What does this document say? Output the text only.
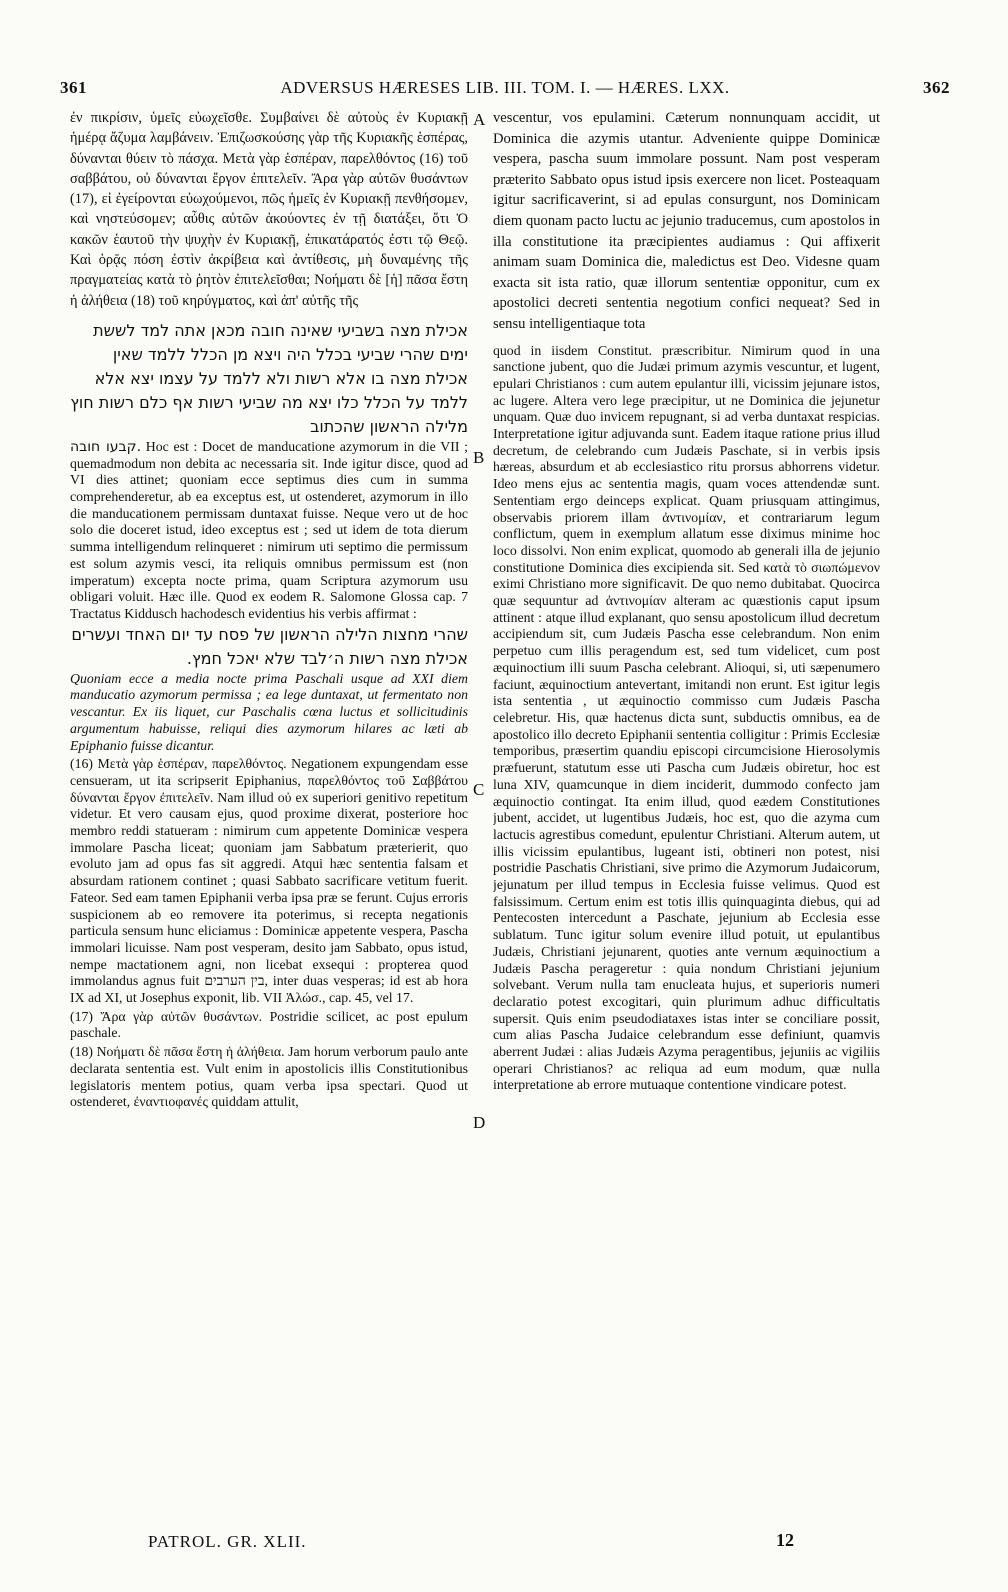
361	ADVERSUS HÆRESES LIB. III. TOM. I. — HÆRES. LXX.	362
A
B
C
D

ἐν πικρίσιν, ὑμεῖς εὐωχεῖσθε. Συμβαίνει δὲ αὐτοὺς ἐν Κυριακῇ ἡμέρᾳ ἄζυμα λαμβάνειν. Ἐπιζωσκούσης γὰρ τῆς Κυριακῆς ἑσπέρας, δύνανται θύειν τὸ πάσχα. Μετὰ γὰρ ἑσπέραν, παρελθόντος (16) τοῦ σαββάτου, οὐ δύνανται ἔργον ἐπιτελεῖν. Ἄρα γὰρ αὐτῶν θυσάντων (17), εἰ ἐγείρονται εὐωχούμενοι, πῶς ἡμεῖς ἐν Κυριακῇ πενθήσομεν, καὶ νηστεύσομεν; αὖθις αὐτῶν ἀκούοντες ἐν τῇ διατάξει, ὅτι Ὁ κακῶν ἑαυτοῦ τὴν ψυχὴν ἐν Κυριακῇ, ἐπικατάρατός ἐστι τῷ Θεῷ. Καὶ ὁρᾷς πόση ἐστὶν ἀκρίβεια καὶ ἀντίθεσις, μὴ δυναμένης τῆς πραγματείας κατὰ τὸ ῥητὸν ἐπιτελεῖσθαι; Νοήματι δὲ [ἡ] πᾶσα ἔστη ἡ ἀλήθεια (18) τοῦ κηρύγματος, καὶ ἀπ' αὐτῆς τῆς

אכילת מצה בשביעי שאינה חובה מכאן אתה למד לששת ימים שהרי שביעי בכלל היה ויצא מן הכלל ללמד שאין אכילת מצה בו אלא רשות ולא ללמד על עצמו יצא אלא ללמד על הכלל כלו יצא מה שביעי רשות אף כלם רשות חוץ מלילה הראשון שהכתוב

קבעו חובה. Hoc est : Docet de manducatione azymorum in die VII ; quemadmodum non debita ac necessaria sit. Inde igitur disce, quod ad VI dies attinet; quoniam ecce septimus dies cum in summa comprehenderetur, ab ea exceptus est, ut ostenderet, azymorum in illo die manducationem permissam duntaxat fuisse. Neque vero ut de hoc solo die doceret istud, ideo exceptus est ; sed ut idem de tota dierum summa intelligendum relinqueret : nimirum uti septimo die permissum est solum azymis vesci, ita reliquis omnibus permissum est (non imperatum) excepta nocte prima, quam Scriptura azymorum usu obligari voluit. Hæc ille. Quod ex eodem R. Salomone Glossa cap. 7 Tractatus Kiddusch hachodesch evidentius his verbis affirmat :

שהרי מחצות הלילה הראשון של פסח עד יום האחד ועשרים אכילת מצה רשות ה׳לבד שלא יאכל חמץ.

Quoniam ecce a media nocte prima Paschali usque ad XXI diem manducatio azymorum permissa ; ea lege duntaxat, ut fermentato non vescantur. Ex iis liquet, cur Paschalis cœna luctus et sollicitudinis argumentum habuisse, reliqui dies azymorum hilares ac læti ab Epiphanio fuisse dicantur.

(16) Μετὰ γὰρ ἑσπέραν, παρελθόντος. Negationem expungendam esse censueram, ut ita scripserit Epiphanius, παρελθόντος τοῦ Σαββάτου δύνανται ἔργον ἐπιτελεῖν. Nam illud οὐ ex superiori genitivo repetitum videtur. Et vero causam ejus, quod proxime dixerat, posteriore hoc membro reddi statueram : nimirum cum appetente Dominicæ vespera immolare Pascha liceat; quoniam jam Sabbatum præterierit, quo evoluto jam ad opus fas sit aggredi. Atqui hæc sententia falsam et absurdam rationem continet ; quasi Sabbato sacrificare vetitum fuerit. Fateor. Sed eam tamen Epiphanii verba ipsa præ se ferunt. Cujus erroris suspicionem ab eo removere ita poterimus, si recepta negationis particula sensum hunc eliciamus : Dominicæ appetente vespera, Pascha immolari licuisse. Nam post vesperam, desito jam Sabbato, opus istud, nempe mactationem agni, non licebat exsequi : propterea quod immolandus agnus fuit בין הערבים, inter duas vesperas; id est ab hora IX ad XI, ut Josephus exponit, lib. VII Ἁλώσ., cap. 45, vel 17.

(17) Ἄρα γὰρ αὐτῶν θυσάντων. Postridie scilicet, ac post epulum paschale.

(18) Νοήματι δὲ πᾶσα ἔστη ἡ ἀλήθεια. Jam horum verborum paulo ante declarata sententia est. Vult enim in apostolicis illis Constitutionibus legislatoris mentem potius, quam verba ipsa spectari. Quod ut ostenderet, ἐναντιοφανές quiddam attulit,

vescentur, vos epulamini. Cæterum nonnunquam accidit, ut Dominica die azymis utantur. Adveniente quippe Dominicæ vespera, pascha suum immolare possunt. Nam post vesperam præterito Sabbato opus istud ipsis exercere non licet. Posteaquam igitur sacrificaverint, si ad epulas consurgunt, nos Dominicam diem quonam pacto luctu ac jejunio traducemus, cum apostolos in illa constitutione ita præcipientes audiamus : Qui affixerit animam suam Dominica die, maledictus est Deo. Videsne quam exacta sit ista ratio, quæ illorum sententiæ opponitur, cum ex apostolici decreti sententia negotium confici nequeat? Sed in sensu intelligentiaque tota

quod in iisdem Constitut. præscribitur. Nimirum quod in una sanctione jubent, quo die Judæi primum azymis vescuntur, et lugent, epulari Christianos : cum autem epulantur illi, vicissim jejunare istos, ac lugere. Altera vero lege præcipitur, ut ne Dominica die jejunetur unquam. Quæ duo invicem repugnant, si ad verba duntaxat respicias. Interpretatione igitur adjuvanda sunt. Eadem itaque ratione prius illud decretum, de celebrando cum Judæis Paschate, si in verbis ipsis hæreas, absurdum et ab ecclesiastico ritu prorsus abhorrens videtur. Ideo mens ejus ac sententia magis, quam voces attendendæ sunt. Sententiam ergo deinceps explicat. Quam priusquam attingimus, observabis priorem illam ἀντινομίαν, et contrariarum legum conflictum, quem in exemplum allatum esse diximus minime hoc loco dissolvi. Non enim explicat, quomodo ab generali illa de jejunio constitutione Dominica dies excipienda sit. Sed κατὰ τὸ σιωπώμενον eximi Christiano more significavit. De quo nemo dubitabat. Quocirca quæ sequuntur ad ἀντινομίαν alteram ac quæstionis caput ipsum attinent : atque illud explanant, quo sensu apostolicum illud decretum accipiendum sit, cum Judæis Pascha esse celebrandum. Non enim perpetuo cum illis peragendum est, sed tum videlicet, cum post æquinoctium illi suum Pascha celebrant. Alioqui, si, uti sæpenumero faciunt, æquinoctium antevertant, imitandi non erunt. Est igitur legis ista sententia , ut æquinoctio commisso cum Judæis Pascha celebretur. His, quæ hactenus dicta sunt, subductis omnibus, ea de apostolico illo decreto Epiphanii sententia colligitur : Primis Ecclesiæ temporibus, præsertim quandiu episcopi circumcisione Hierosolymis præfuerunt, statutum esse uti Pascha cum Judæis obiretur, hoc est luna XIV, quamcunque in diem inciderit, dummodo confecto jam æquinoctio contingat. Ita enim illud, quod eædem Constitutiones jubent, accidet, ut lugentibus Judæis, hoc est, quo die azyma cum lactucis agrestibus comedunt, epulentur Christiani. Alterum autem, ut illis vicissim epulantibus, lugeant isti, obtineri non potest, nisi postridie Paschatis Christiani, sive primo die Azymorum Judaicorum, jejunatum per illud tempus in Ecclesia fuisse velimus. Quod est falsissimum. Certum enim est totis illis quinquaginta diebus, qui ad Pentecosten intercedunt a Paschate, jejunium ab Ecclesia esse sublatum. Tunc igitur solum evenire illud potuit, ut epulantibus Judæis, Christiani jejunarent, quoties ante vernum æquinoctium a Judæis Pascha perageretur : quia nondum Christiani jejunium solvebant. Verum nulla tam enucleata hujus, et superioris numeri declaratio potest excogitari, quin plurimum adhuc difficultatis supersit. Quis enim pseudodiataxes istas inter se conciliare possit, cum alias Pascha Judaice celebrandum esse definiunt, quamvis aberrent Judæi : alias Judæis Azyma peragentibus, jejuniis ac vigiliis operari Christianos? ac reliqua ad eum modum, quæ nulla interpretatione ab errore mutuaque contentione vindicare potest.

PATROL. GR. XLII.	12
